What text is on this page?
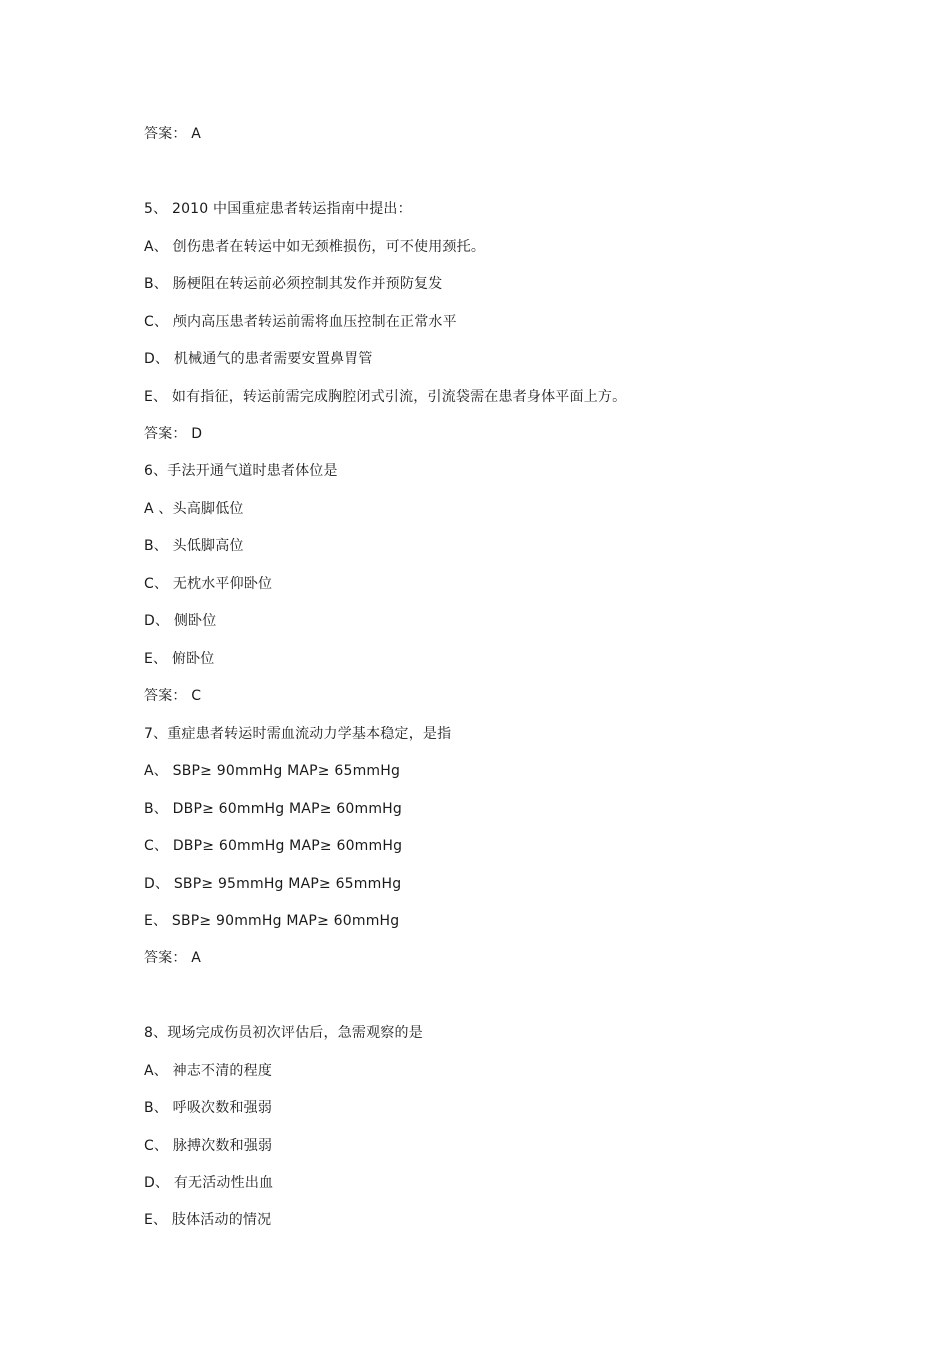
答案： A
5、 2010 中国重症患者转运指南中提出：
A、 创伤患者在转运中如无颈椎损伤，可不使用颈托。
B、 肠梗阻在转运前必须控制其发作并预防复发
C、 颅内高压患者转运前需将血压控制在正常水平
D、 机械通气的患者需要安置鼻胃管
E、 如有指征，转运前需完成胸腔闭式引流，引流袋需在患者身体平面上方。
答案： D
6、手法开通气道时患者体位是
A 、头高脚低位
B、 头低脚高位
C、 无枕水平仰卧位
D、 侧卧位
E、 俯卧位
答案： C
7、重症患者转运时需血流动力学基本稳定，是指
A、 SBP≥ 90mmHg MAP≥ 65mmHg
B、 DBP≥ 60mmHg MAP≥ 60mmHg
C、 DBP≥ 60mmHg MAP≥ 60mmHg
D、 SBP≥ 95mmHg MAP≥ 65mmHg
E、 SBP≥ 90mmHg MAP≥ 60mmHg
答案： A
8、现场完成伤员初次评估后，急需观察的是
A、 神志不清的程度
B、 呼吸次数和强弱
C、 脉搏次数和强弱
D、 有无活动性出血
E、 肢体活动的情况
